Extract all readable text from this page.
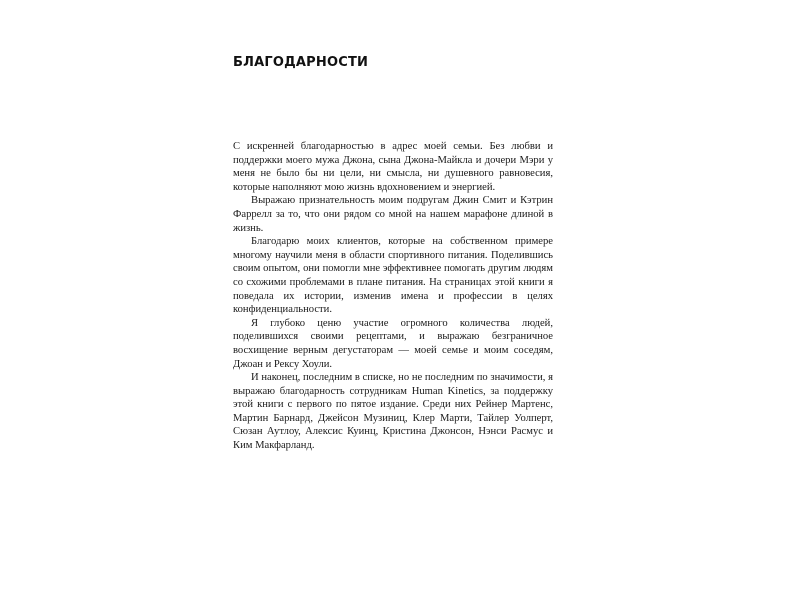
БЛАГОДАРНОСТИ

С искренней благодарностью в адрес моей семьи. Без любви и поддержки моего мужа Джона, сына Джона-Майкла и дочери Мэри у меня не было бы ни цели, ни смысла, ни душевного равновесия, которые наполняют мою жизнь вдохновением и энергией.

Выражаю признательность моим подругам Джин Смит и Кэтрин Фаррелл за то, что они рядом со мной на нашем марафоне длиной в жизнь.

Благодарю моих клиентов, которые на собственном примере многому научили меня в области спортивного питания. Поделившись своим опытом, они помогли мне эффективнее помогать другим людям со схожими проблемами в плане питания. На страницах этой книги я поведала их истории, изменив имена и профессии в целях конфиденциальности.

Я глубоко ценю участие огромного количества людей, поделившихся своими рецептами, и выражаю безграничное восхищение верным дегустаторам — моей семье и моим соседям, Джоан и Рексу Хоули.

И наконец, последним в списке, но не последним по значимости, я выражаю благодарность сотрудникам Human Kinetics, за поддержку этой книги с первого по пятое издание. Среди них Рейнер Мартенс, Мартин Барнард, Джейсон Музиниц, Клер Марти, Тайлер Уолперт, Сюзан Аутлоу, Алексис Куинц, Кристина Джонсон, Нэнси Расмус и Ким Макфарланд.
